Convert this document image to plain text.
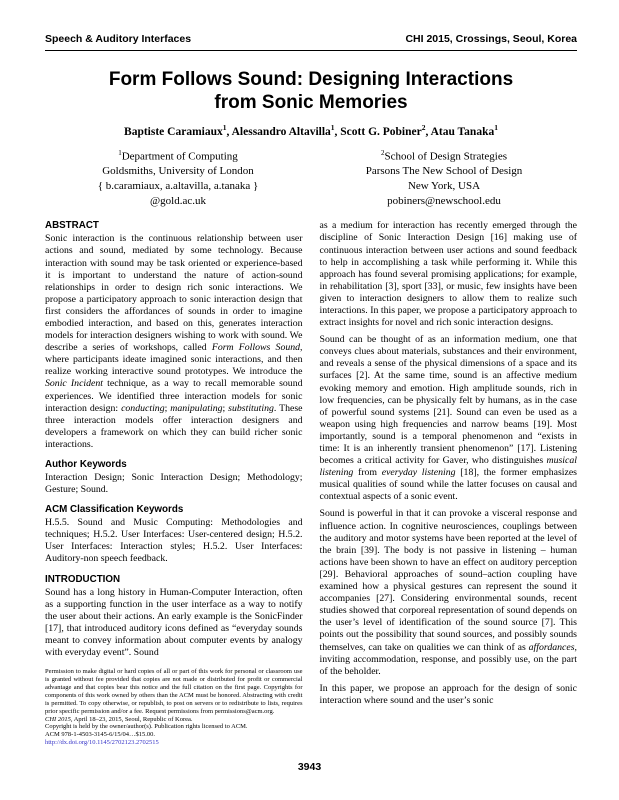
Speech & Auditory Interfaces	CHI 2015, Crossings, Seoul, Korea
Form Follows Sound: Designing Interactions
from Sonic Memories
Baptiste Caramiaux$^1$, Alessandro Altavilla$^1$, Scott G. Pobiner$^2$, Atau Tanaka$^1$
$^1$Department of Computing
Goldsmiths, University of London
{ b.caramiaux, a.altavilla, a.tanaka }
@gold.ac.uk
$^2$School of Design Strategies
Parsons The New School of Design
New York, USA
pobiners@newschool.edu
ABSTRACT

Sonic interaction is the continuous relationship between user actions and sound, mediated by some technology. Because interaction with sound may be task oriented or experience-based it is important to understand the nature of action-sound relationships in order to design rich sonic interactions. We propose a participatory approach to sonic interaction design that first considers the affordances of sounds in order to imagine embodied interaction, and based on this, generates interaction models for interaction designers wishing to work with sound. We describe a series of workshops, called Form Follows Sound, where participants ideate imagined sonic interactions, and then realize working interactive sound prototypes. We introduce the Sonic Incident technique, as a way to recall memorable sound experiences. We identified three interaction models for sonic interaction design: conducting; manipulating; substituting. These three interaction models offer interaction designers and developers a framework on which they can build richer sonic interactions.

Author Keywords

Interaction Design; Sonic Interaction Design; Methodology; Gesture; Sound.

ACM Classification Keywords

H.5.5. Sound and Music Computing: Methodologies and techniques; H.5.2. User Interfaces: User-centered design; H.5.2. User Interfaces: Interaction styles; H.5.2. User Interfaces: Auditory-non speech feedback.

INTRODUCTION

Sound has a long history in Human-Computer Interaction, often as a supporting function in the user interface as a way to notify the user about their actions. An early example is the SonicFinder [17], that introduced auditory icons defined as “everyday sounds meant to convey information about computer events by analogy with everyday event”. Sound

Permission to make digital or hard copies of all or part of this work for personal or classroom use is granted without fee provided that copies are not made or distributed for profit or commercial advantage and that copies bear this notice and the full citation on the first page. Copyrights for components of this work owned by others than the ACM must be honored. Abstracting with credit is permitted. To copy otherwise, or republish, to post on servers or to redistribute to lists, requires prior specific permission and/or a fee. Request permissions from permissions@acm.org.

CHI 2015, April 18–23, 2015, Seoul, Republic of Korea.
Copyright is held by the owner/author(s). Publication rights licensed to ACM.
ACM 978-1-4503-3145-6/15/04…$15.00.
http://dx.doi.org/10.1145/2702123.2702515

as a medium for interaction has recently emerged through the discipline of Sonic Interaction Design [16] making use of continuous interaction between user actions and sound feedback to help in accomplishing a task while performing it. While this approach has found several promising applications; for example, in rehabilitation [3], sport [33], or music, few insights have been given to interaction designers to allow them to realize such interactions. In this paper, we propose a participatory approach to extract insights for novel and rich sonic interaction designs.

Sound can be thought of as an information medium, one that conveys clues about materials, substances and their environment, and reveals a sense of the physical dimensions of a space and its surfaces [2]. At the same time, sound is an affective medium evoking memory and emotion. High amplitude sounds, rich in low frequencies, can be physically felt by humans, as in the case of powerful sound systems [21]. Sound can even be used as a weapon using high frequencies and narrow beams [19]. Most importantly, sound is a temporal phenomenon and “exists in time: It is an inherently transient phenomenon” [17]. Listening becomes a critical activity for Gaver, who distinguishes musical listening from everyday listening [18], the former emphasizes musical qualities of sound while the latter focuses on causal and contextual aspects of a sonic event.

Sound is powerful in that it can provoke a visceral response and influence action. In cognitive neurosciences, couplings between the auditory and motor systems have been reported at the level of the brain [39]. The body is not passive in listening – human actions have been shown to have an effect on auditory perception [29]. Behavioral approaches of sound–action coupling have examined how a physical gestures can represent the sound it accompanies [27]. Considering environmental sounds, recent studies showed that corporeal representation of sound depends on the user’s level of identification of the sound source [7]. This points out the possibility that sound sources, and possibly sounds themselves, can take on qualities we can think of as affordances, inviting accommodation, response, and possibly use, on the part of the beholder.

In this paper, we propose an approach for the design of sonic interaction where sound and the user’s sonic

3943
